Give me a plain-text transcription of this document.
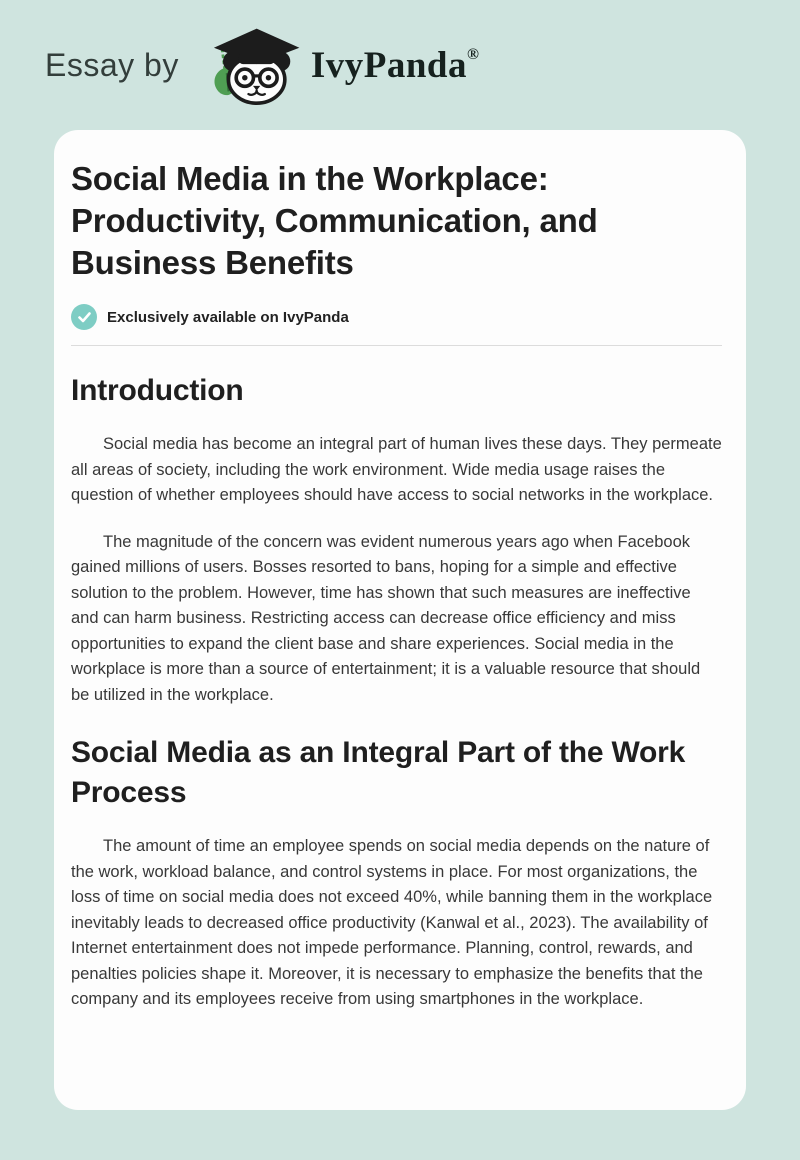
Essay by	IvyPanda®
Social Media in the Workplace: Productivity, Communication, and Business Benefits
Exclusively available on IvyPanda
Introduction

Social media has become an integral part of human lives these days. They permeate all areas of society, including the work environment. Wide media usage raises the question of whether employees should have access to social networks in the workplace.

The magnitude of the concern was evident numerous years ago when Facebook gained millions of users. Bosses resorted to bans, hoping for a simple and effective solution to the problem. However, time has shown that such measures are ineffective and can harm business. Restricting access can decrease office efficiency and miss opportunities to expand the client base and share experiences. Social media in the workplace is more than a source of entertainment; it is a valuable resource that should be utilized in the workplace.

Social Media as an Integral Part of the Work Process

The amount of time an employee spends on social media depends on the nature of the work, workload balance, and control systems in place. For most organizations, the loss of time on social media does not exceed 40%, while banning them in the workplace inevitably leads to decreased office productivity (Kanwal et al., 2023). The availability of Internet entertainment does not impede performance. Planning, control, rewards, and penalties policies shape it. Moreover, it is necessary to emphasize the benefits that the company and its employees receive from using smartphones in the workplace.
